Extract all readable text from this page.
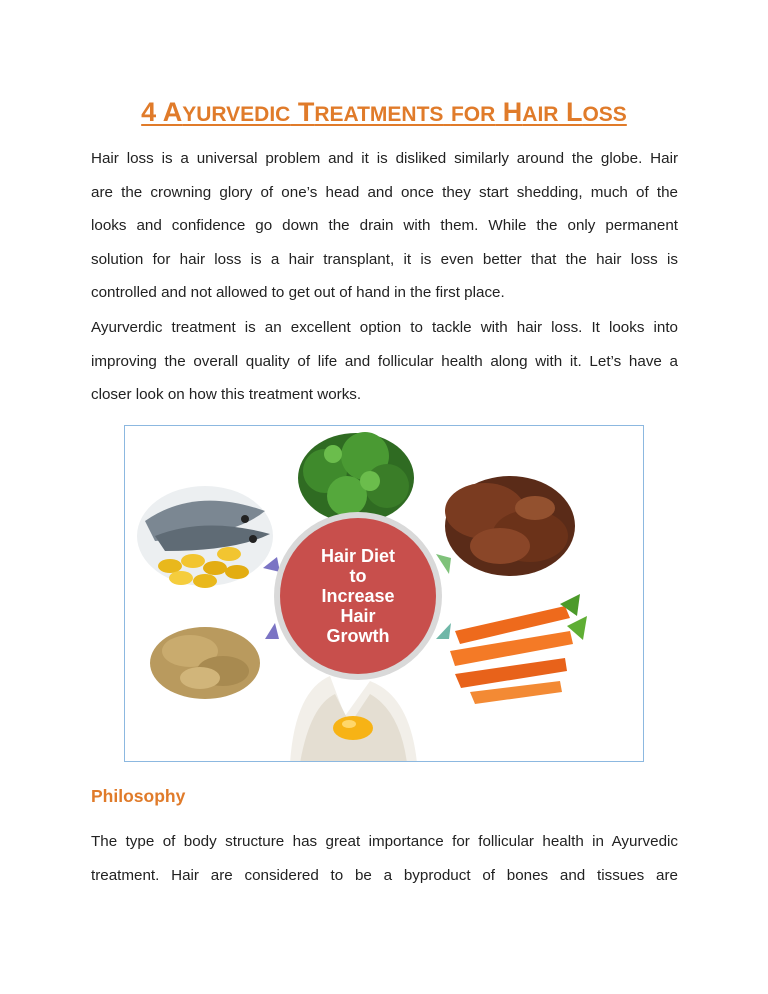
4 AYURVEDIC TREATMENTS FOR HAIR LOSS
Hair loss is a universal problem and it is disliked similarly around the globe. Hair
are the crowning glory of one’s head and once they start shedding, much of the
looks and confidence go down the drain with them. While the only permanent
solution for hair loss is a hair transplant, it is even better that the hair loss is
controlled and not allowed to get out of hand in the first place.
Ayurverdic treatment is an excellent option to tackle with hair loss. It looks into
improving the overall quality of life and follicular health along with it. Let’s have a
closer look on how this treatment works.
Hair Diet
to
Increase
Hair
Growth
Philosophy
The type of body structure has great importance for follicular health in Ayurvedic
treatment. Hair are considered to be a byproduct of bones and tissues are
